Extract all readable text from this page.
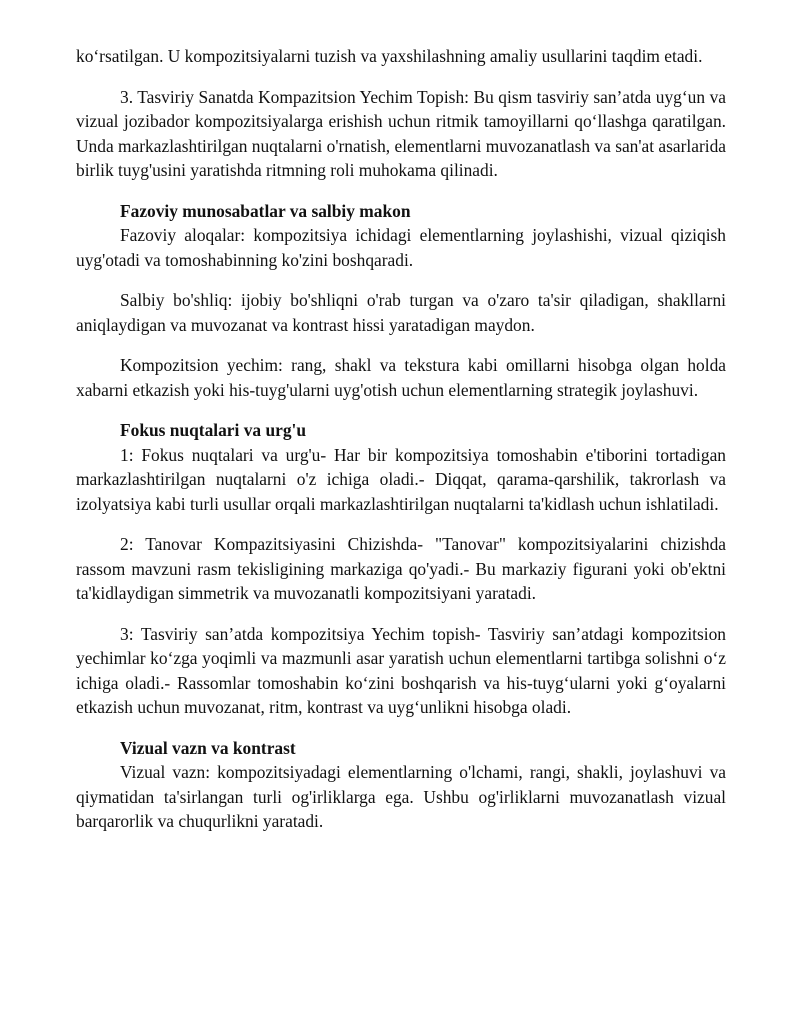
ko‘rsatilgan. U kompozitsiyalarni tuzish va yaxshilashning amaliy usullarini taqdim etadi.

3. Tasviriy Sanatda Kompazitsion Yechim Topish: Bu qism tasviriy san’atda uyg‘un va vizual jozibador kompozitsiyalarga erishish uchun ritmik tamoyillarni qo‘llashga qaratilgan. Unda markazlashtirilgan nuqtalarni o'rnatish, elementlarni muvozanatlash va san'at asarlarida birlik tuyg'usini yaratishda ritmning roli muhokama qilinadi.

Fazoviy munosabatlar va salbiy makon

Fazoviy aloqalar: kompozitsiya ichidagi elementlarning joylashishi, vizual qiziqish uyg'otadi va tomoshabinning ko'zini boshqaradi.

Salbiy bo'shliq: ijobiy bo'shliqni o'rab turgan va o'zaro ta'sir qiladigan, shakllarni aniqlaydigan va muvozanat va kontrast hissi yaratadigan maydon.

Kompozitsion yechim: rang, shakl va tekstura kabi omillarni hisobga olgan holda xabarni etkazish yoki his-tuyg'ularni uyg'otish uchun elementlarning strategik joylashuvi.

Fokus nuqtalari va urg'u

1: Fokus nuqtalari va urg'u- Har bir kompozitsiya tomoshabin e'tiborini tortadigan markazlashtirilgan nuqtalarni o'z ichiga oladi.- Diqqat, qarama-qarshilik, takrorlash va izolyatsiya kabi turli usullar orqali markazlashtirilgan nuqtalarni ta'kidlash uchun ishlatiladi.

2: Tanovar Kompazitsiyasini Chizishda- "Tanovar" kompozitsiyalarini chizishda rassom mavzuni rasm tekisligining markaziga qo'yadi.- Bu markaziy figurani yoki ob'ektni ta'kidlaydigan simmetrik va muvozanatli kompozitsiyani yaratadi.

3: Tasviriy san’atda kompozitsiya Yechim topish- Tasviriy san’atdagi kompozitsion yechimlar ko‘zga yoqimli va mazmunli asar yaratish uchun elementlarni tartibga solishni o‘z ichiga oladi.- Rassomlar tomoshabin ko‘zini boshqarish va his-tuyg‘ularni yoki g‘oyalarni etkazish uchun muvozanat, ritm, kontrast va uyg‘unlikni hisobga oladi.

Vizual vazn va kontrast

Vizual vazn: kompozitsiyadagi elementlarning o'lchami, rangi, shakli, joylashuvi va qiymatidan ta'sirlangan turli og'irliklarga ega. Ushbu og'irliklarni muvozanatlash vizual barqarorlik va chuqurlikni yaratadi.
